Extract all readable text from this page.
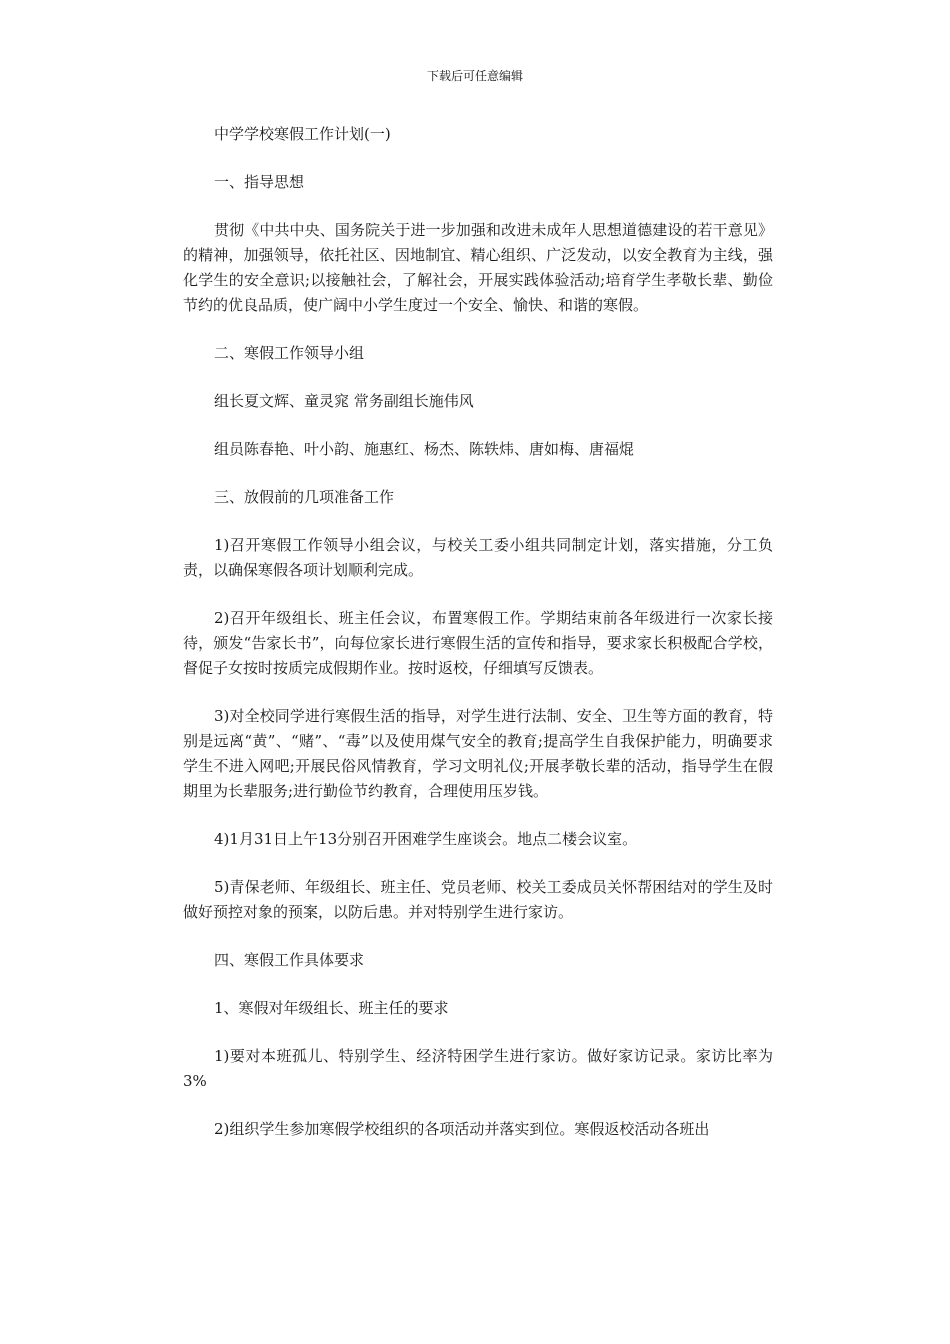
下载后可任意编辑

中学学校寒假工作计划(一)

一、指导思想

贯彻《中共中央、国务院关于进一步加强和改进未成年人思想道德建设的若干意见》的精神，加强领导，依托社区、因地制宜、精心组织、广泛发动，以安全教育为主线，强化学生的安全意识;以接触社会，了解社会，开展实践体验活动;培育学生孝敬长辈、勤俭节约的优良品质，使广阔中小学生度过一个安全、愉快、和谐的寒假。

二、寒假工作领导小组

组长夏文辉、童灵窕 常务副组长施伟风

组员陈春艳、叶小韵、施惠红、杨杰、陈轶炜、唐如梅、唐福焜

三、放假前的几项准备工作

1)召开寒假工作领导小组会议，与校关工委小组共同制定计划，落实措施，分工负责，以确保寒假各项计划顺利完成。

2)召开年级组长、班主任会议，布置寒假工作。学期结束前各年级进行一次家长接待，颁发“告家长书”，向每位家长进行寒假生活的宣传和指导，要求家长积极配合学校，督促子女按时按质完成假期作业。按时返校，仔细填写反馈表。

3)对全校同学进行寒假生活的指导，对学生进行法制、安全、卫生等方面的教育，特别是远离“黄”、“赌”、“毒”以及使用煤气安全的教育;提高学生自我保护能力，明确要求学生不进入网吧;开展民俗风情教育，学习文明礼仪;开展孝敬长辈的活动，指导学生在假期里为长辈服务;进行勤俭节约教育，合理使用压岁钱。

4)1月31日上午13分别召开困难学生座谈会。地点二楼会议室。

5)青保老师、年级组长、班主任、党员老师、校关工委成员关怀帮困结对的学生及时做好预控对象的预案，以防后患。并对特别学生进行家访。

四、寒假工作具体要求

1、寒假对年级组长、班主任的要求

1)要对本班孤儿、特别学生、经济特困学生进行家访。做好家访记录。家访比率为3%

2)组织学生参加寒假学校组织的各项活动并落实到位。寒假返校活动各班出
